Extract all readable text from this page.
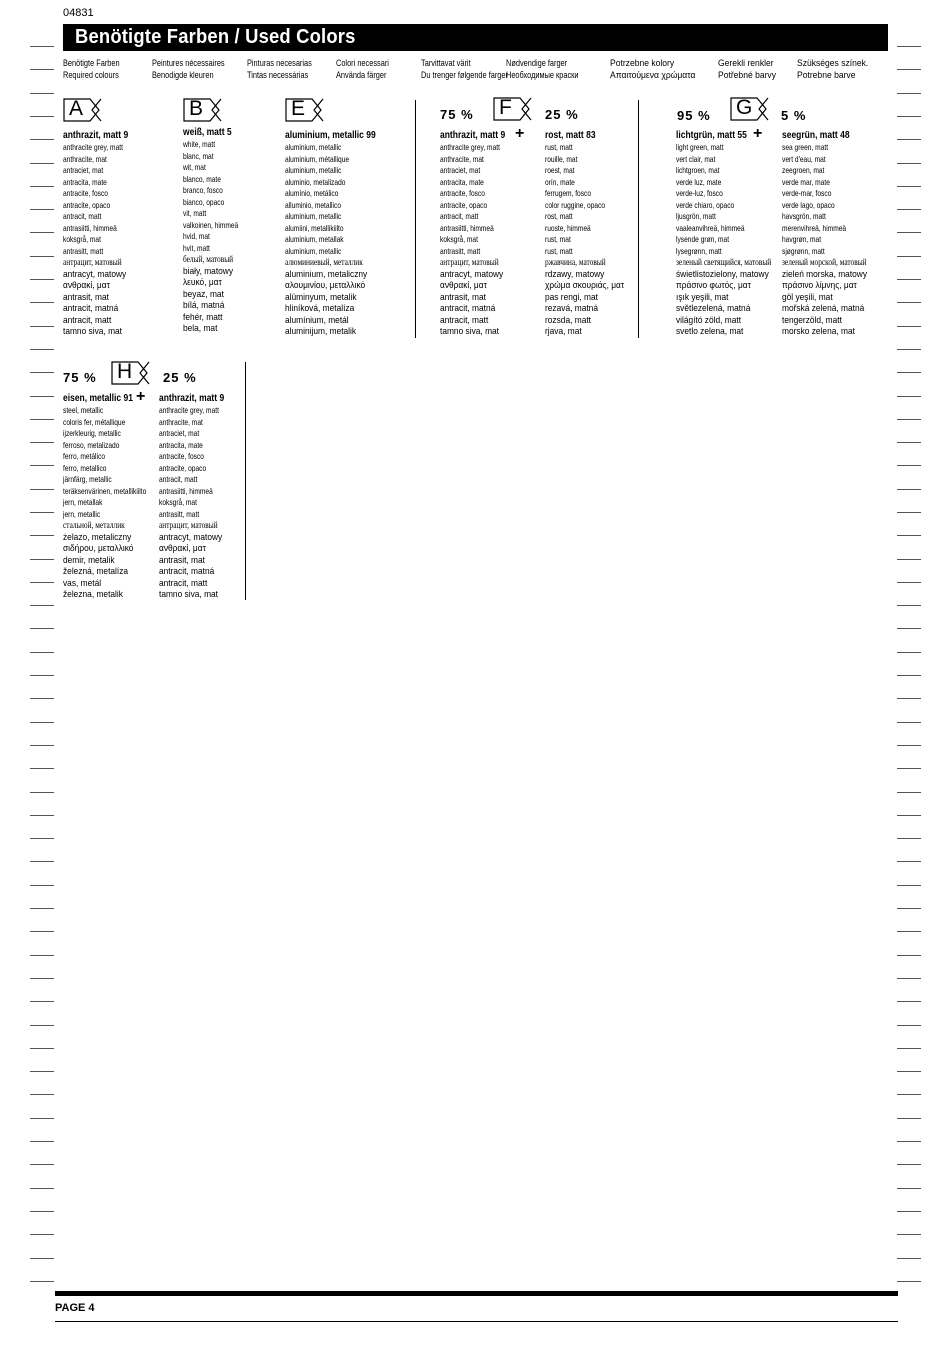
04831
Benötigte Farben / Used Colors
Benötigte Farben
Required colours
Peintures nécessaires
Benodigde kleuren
Pinturas necesarias
Tintas necessárias
Colori necessari
Använda färger
Tarvittavat värit
Du trenger følgende farger
Nødvendige farger
Необходимые краски
Potrzebne kolory
Απαιτούμενα χρώματα
Gerekli renkler
Potřebné barvy
Szükséges színek.
Potrebne barve
A
anthrazit, matt 9
anthracite grey, matt
anthracite, mat
antraciet, mat
antracita, mate
antracite, fosco
antracite, opaco
antracit, matt
antrasiitti, himmeä
koksgrå, mat
antrasitt, matt
антрацит, матовый
antracyt, matowy
ανθρακί, ματ
antrasit, mat
antracit, matná
antracit, matt
tamno siva, mat
B
weiß, matt 5
white, matt
blanc, mat
wit, mat
blanco, mate
branco, fosco
bianco, opaco
vit, matt
valkoinen, himmeä
hvid, mat
hvit, matt
белый, матовый
biały, matowy
λευκό, ματ
beyaz, mat
bílá, matná
fehér, matt
bela, mat
E
aluminium, metallic 99
aluminium, metallic
aluminium, métallique
aluminium, metallic
aluminio, metalizado
alumínio, metálico
alluminio, metallico
aluminium, metallic
alumiini, metallikiilto
aluminium, metallak
aluminium, metallic
алюминиевый, металлик
aluminium, metaliczny
αλουμινίου, μεταλλικό
alüminyum, metalik
hliníková, metalíza
alumínium, metál
aluminijum, metalik
75 % F	25 %
+
anthrazit, matt 9
anthracite grey, matt
anthracite, mat
antraciet, mat
antracita, mate
antracite, fosco
antracite, opaco
antracit, matt
antrasiitti, himmeä
koksgrå, mat
antrasitt, matt
антрацит, матовый
antracyt, matowy
ανθρακί, ματ
antrasit, mat
antracit, matná
antracit, matt
tamno siva, mat
rost, matt 83
rust, matt
rouille, mat
roest, mat
orín, mate
ferrugem, fosco
color ruggine, opaco
rost, matt
ruoste, himmeä
rust, mat
rust, matt
ржавчина, матовый
rdzawy, matowy
χρώμα σκουριάς, ματ
pas rengi, mat
rezavá, matná
rozsda, matt
rjava, mat
95 % G 5 %
+
lichtgrün, matt 55
light green, matt
vert clair, mat
lichtgroen, mat
verde luz, mate
verde-luz, fosco
verde chiaro, opaco
ljusgrön, matt
vaaleanvihreä, himmeä
lysende grøn, mat
lysegrønn, matt
зеленый светящийся, матовый
świetlistozielony, matowy
πράσινο φωτός, ματ
ışık yeşili, mat
světlezelená, matná
világító zöld, matt
svetlo zelena, mat
seegrün, matt 48
sea green, matt
vert d'eau, mat
zeegroen, mat
verde mar, mate
verde-mar, fosco
verde lago, opaco
havsgrön, matt
merenvihreä, himmeä
havgrøn, mat
sjøgrønn, matt
зеленый морской, матовый
zieleń morska, matowy
πράσινο λίμνης, ματ
göl yeşili, mat
mořská zelená, matná
tengerzöld, matt
morsko zelena, mat
75 % H 25 %
+
eisen, metallic 91
steel, metallic
coloris fer, métallique
ijzerkleurig, metallic
ferroso, metalizado
ferro, metálico
ferro, metallico
järnfärg, metallic
teräksenvärinen, metallikiilto
jern, metallak
jern, metallic
стальной, металлик
żelazo, metaliczny
σιδήρου, μεταλλικό
demir, metalik
železná, metalíza
vas, metál
železna, metalik
anthrazit, matt 9
anthracite grey, matt
anthracite, mat
antraciet, mat
antracita, mate
antracite, fosco
antracite, opaco
antracit, matt
antrasiitti, himmeä
koksgrå, mat
antrasitt, matt
антрацит, матовый
antracyt, matowy
ανθρακί, ματ
antrasit, mat
antracit, matná
antracit, matt
tamno siva, mat
PAGE 4
